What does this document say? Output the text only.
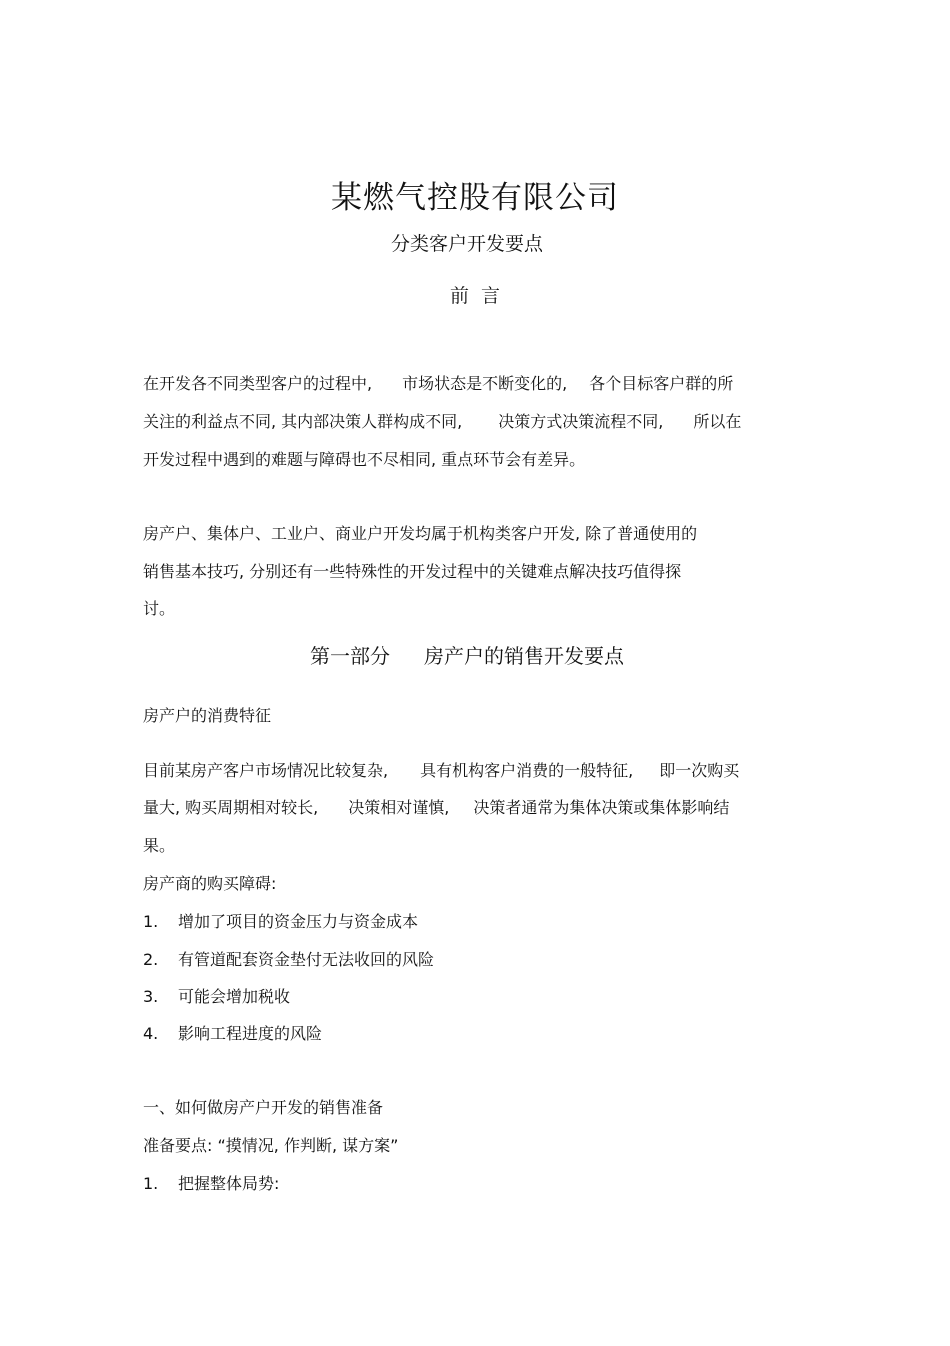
某燃气控股有限公司
分类客户开发要点
前  言
在开发各不同类型客户的过程中, 市场状态是不断变化的, 各个目标客户群的所
关注的利益点不同, 其内部决策人群构成不同, 决策方式决策流程不同, 所以在
开发过程中遇到的难题与障碍也不尽相同, 重点环节会有差异。
房产户、集体户、工业户、商业户开发均属于机构类客户开发, 除了普通使用的
销售基本技巧, 分别还有一些特殊性的开发过程中的关键难点解决技巧值得探
讨。
第一部分 房产户的销售开发要点
房产户的消费特征
目前某房产客户市场情况比较复杂, 具有机构客户消费的一般特征, 即一次购买
量大, 购买周期相对较长, 决策相对谨慎, 决策者通常为集体决策或集体影响结
果。
房产商的购买障碍:
1. 增加了项目的资金压力与资金成本
2. 有管道配套资金垫付无法收回的风险
3. 可能会增加税收
4. 影响工程进度的风险
一、如何做房产户开发的销售准备
准备要点: “摸情况, 作判断, 谋方案”
1. 把握整体局势:
